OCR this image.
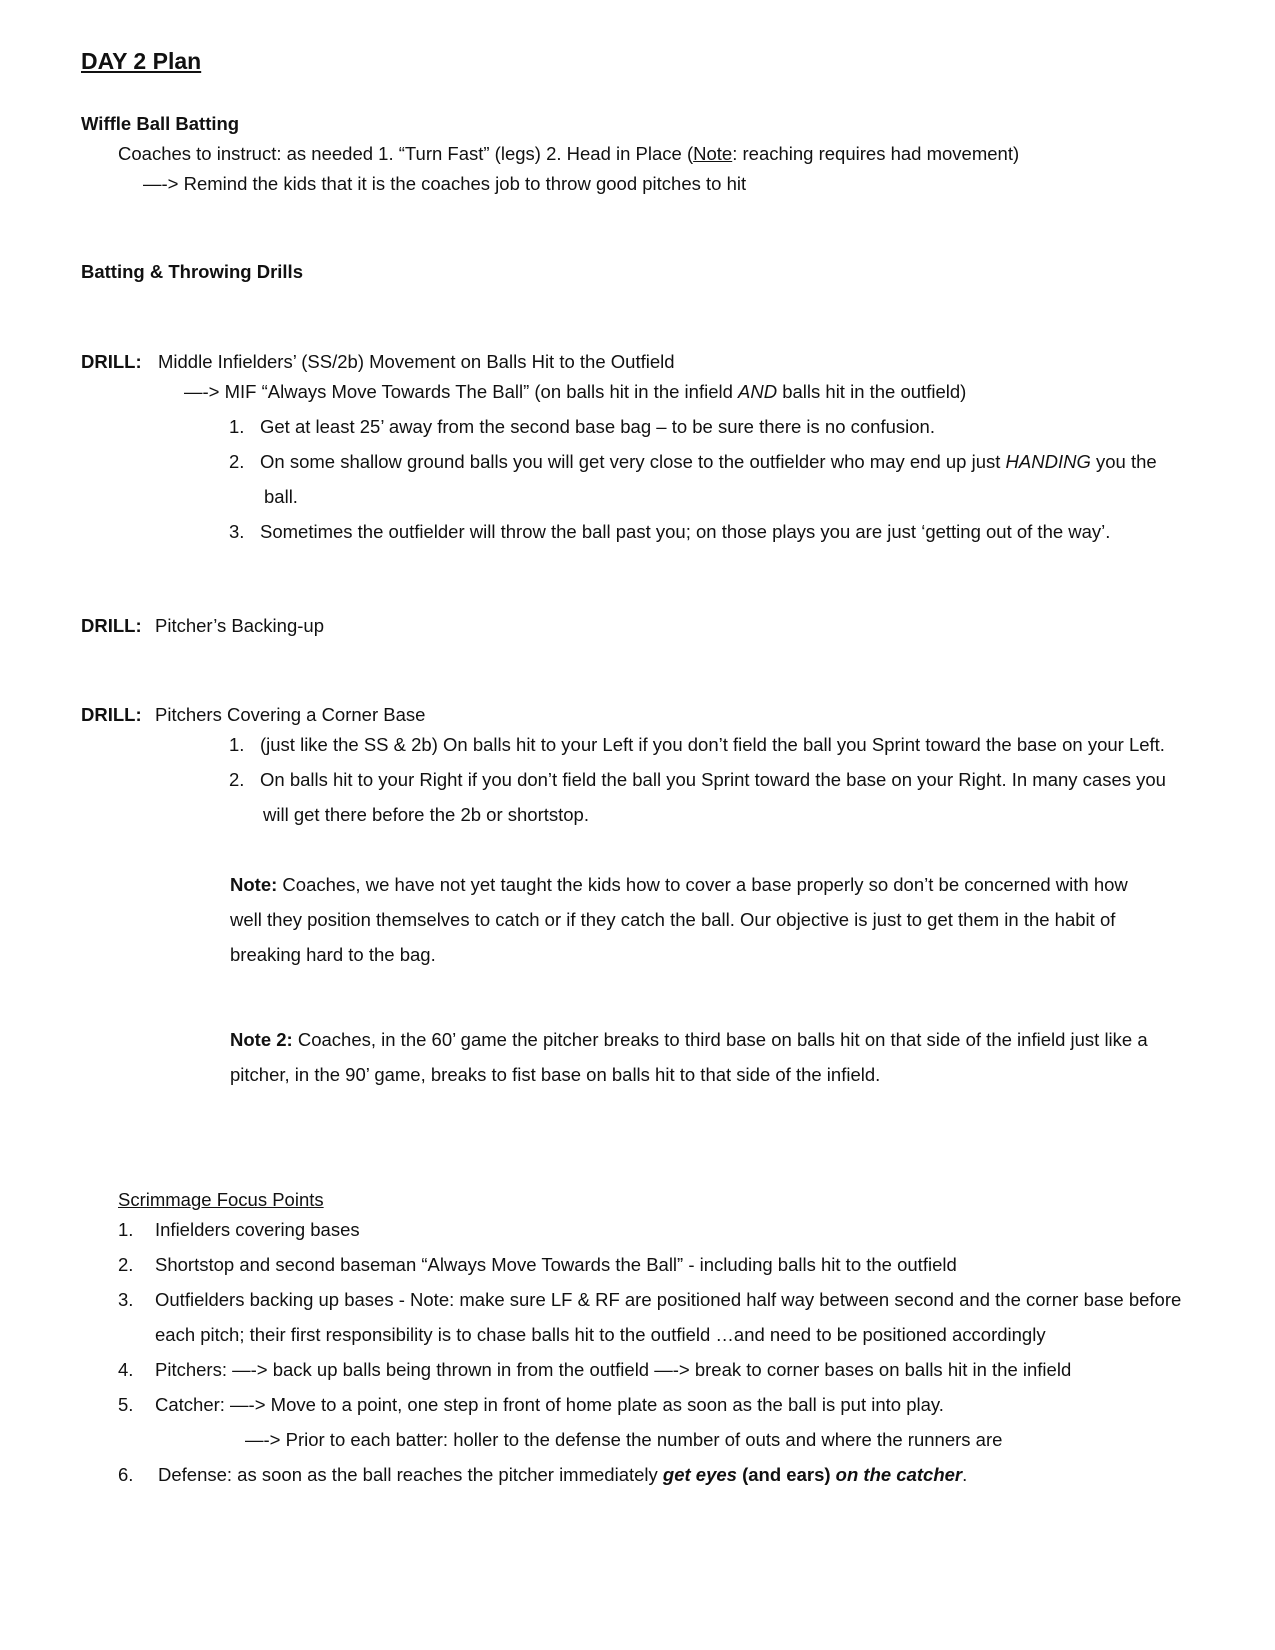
DAY 2 Plan
Wiffle Ball Batting
Coaches to instruct: as needed 1. “Turn Fast” (legs) 2. Head in Place (Note: reaching requires had movement)
—-> Remind the kids that it is the coaches job to throw good pitches to hit
Batting & Throwing Drills
DRILL: Middle Infielders’ (SS/2b) Movement on Balls Hit to the Outfield
—-> MIF “Always Move Towards The Ball” (on balls hit in the infield AND balls hit in the outfield)
1. Get at least 25’ away from the second base bag – to be sure there is no confusion.
2. On some shallow ground balls you will get very close to the outfielder who may end up just HANDING you the
ball.
3. Sometimes the outfielder will throw the ball past you; on those plays you are just ‘getting out of the way’.
DRILL: Pitcher’s Backing-up
DRILL: Pitchers Covering a Corner Base
1. (just like the SS & 2b) On balls hit to your Left if you don’t field the ball you Sprint toward the base on your Left.
2. On balls hit to your Right if you don’t field the ball you Sprint toward the base on your Right. In many cases you
will get there before the 2b or shortstop.
Note: Coaches, we have not yet taught the kids how to cover a base properly so don’t be concerned with how
well they position themselves to catch or if they catch the ball. Our objective is just to get them in the habit of
breaking hard to the bag.
Note 2: Coaches, in the 60’ game the pitcher breaks to third base on balls hit on that side of the infield just like a
pitcher, in the 90’ game, breaks to fist base on balls hit to that side of the infield.
Scrimmage Focus Points
1. Infielders covering bases
2. Shortstop and second baseman “Always Move Towards the Ball” - including balls hit to the outfield
3. Outfielders backing up bases - Note: make sure LF & RF are positioned half way between second and the corner base before
each pitch; their first responsibility is to chase balls hit to the outfield …and need to be positioned accordingly
4. Pitchers: —-> back up balls being thrown in from the outfield —-> break to corner bases on balls hit in the infield
5. Catcher: —-> Move to a point, one step in front of home plate as soon as the ball is put into play.
—-> Prior to each batter: holler to the defense the number of outs and where the runners are
6. Defense: as soon as the ball reaches the pitcher immediately get eyes (and ears) on the catcher.
